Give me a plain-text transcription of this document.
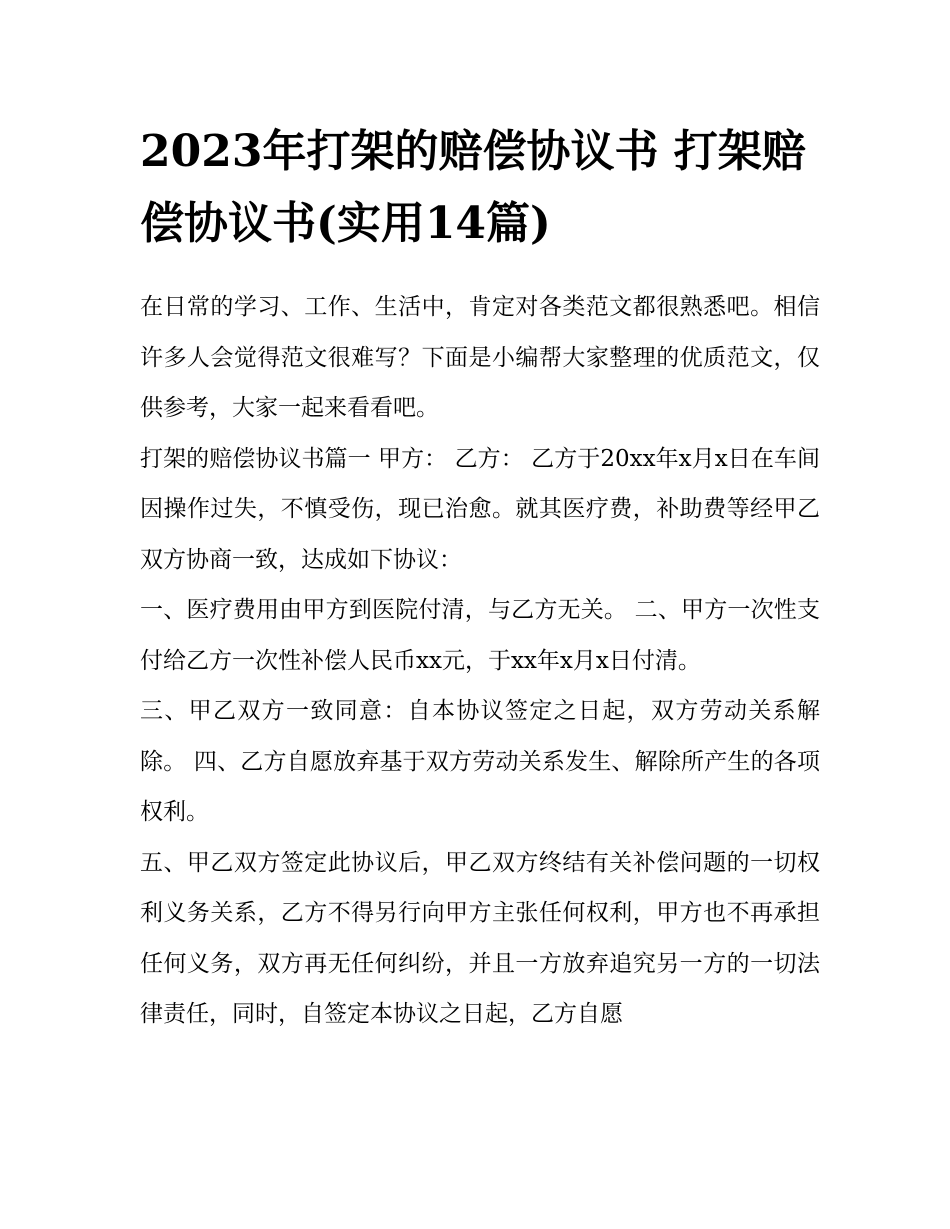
2023年打架的赔偿协议书 打架赔偿协议书(实用14篇)

在日常的学习、工作、生活中，肯定对各类范文都很熟悉吧。相信许多人会觉得范文很难写？下面是小编帮大家整理的优质范文，仅供参考，大家一起来看看吧。

打架的赔偿协议书篇一 甲方： 乙方： 乙方于20xx年x月x日在车间因操作过失，不慎受伤，现已治愈。就其医疗费，补助费等经甲乙双方协商一致，达成如下协议：

一、医疗费用由甲方到医院付清，与乙方无关。 二、甲方一次性支付给乙方一次性补偿人民币xx元，于xx年x月x日付清。

三、甲乙双方一致同意：自本协议签定之日起，双方劳动关系解除。 四、乙方自愿放弃基于双方劳动关系发生、解除所产生的各项权利。

五、甲乙双方签定此协议后，甲乙双方终结有关补偿问题的一切权利义务关系，乙方不得另行向甲方主张任何权利，甲方也不再承担任何义务，双方再无任何纠纷，并且一方放弃追究另一方的一切法律责任，同时，自签定本协议之日起，乙方自愿
